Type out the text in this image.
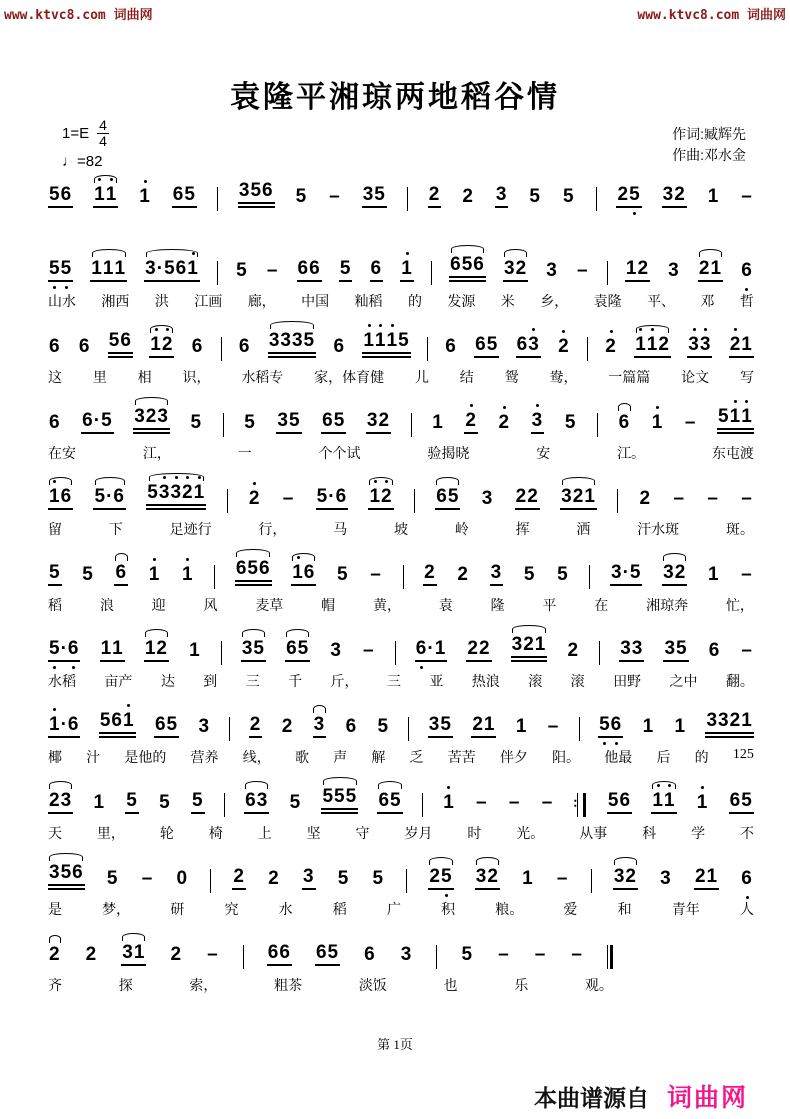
www.ktvc8.com 词曲网	www.ktvc8.com 词曲网
袁隆平湘琼两地稻谷情
$1=E \frac{4}{4}$
♩=82
作词:臧辉先
作曲:邓水金
56 11 1 65 356 5 – 35 2 2 3 5 5 25 32 1 –
55 111 3·561 5 – 66 5 6 1 656 32 3 – 12 3 21 6
山水 湘西 洪 江画 廊， 中国 籼稻 的 发源 米 乡， 袁隆 平、 邓 哲
6 6 56 12 6 6 3335 6 1115 6 65 63 2 2 112 33 21
这 里 相 识， 水稻专 家，体育健 儿 结 鸳 鸯， 一篇篇 论文 写
6 6·5 323 5 5 35 65 32 1 2 2 3 5 6 1 – 511
在安	江，	一	个个试	验揭晓	安	江。	东屯渡
16 5·6 53321 2 – 5·6 12 65 3 22 321 2 – – –
留	下	足迹行	行，	马	坡	岭	挥	洒	汗水斑	斑。
5 5 6 1 1 656 16 5 – 2 2 3 5 5 3·5 32 1 –
稻	浪	迎	风	麦草	帽	黄，	袁	隆	平	在	湘琼奔	忙，
5·6 11 12 1 35 65 3 – 6·1 22 321 2 33 35 6 –
水稻 亩产 达 到 三 千 斤， 三 亚 热浪 滚 滚 田野 之中 翻。
1·6 561 65 3 2 2 3 6 5 35 21 1 – 56 1 1 3321
椰 汁 是他的 营养 线， 歌 声 解 乏 苦苦 伴夕 阳。 他最 后 的 125
23 1 5 5 5 63 5 555 65 1 – – – ∶	56 11 1 65
天 里， 轮 椅 上 坚 守 岁月 时 光。 从事 科 学 不
356 5 – 0 2 2 3 5 5 25 32 1 – 32 3 21 6
是	梦，	研	究	水	稻	广	积	粮。	爱	和	青年	人
2 2 31 2 –	66 65 6 3	5 – – –
齐	探	索，	粗茶	淡饭	也	乐	观。
第 1页
本曲谱源自 词曲网
